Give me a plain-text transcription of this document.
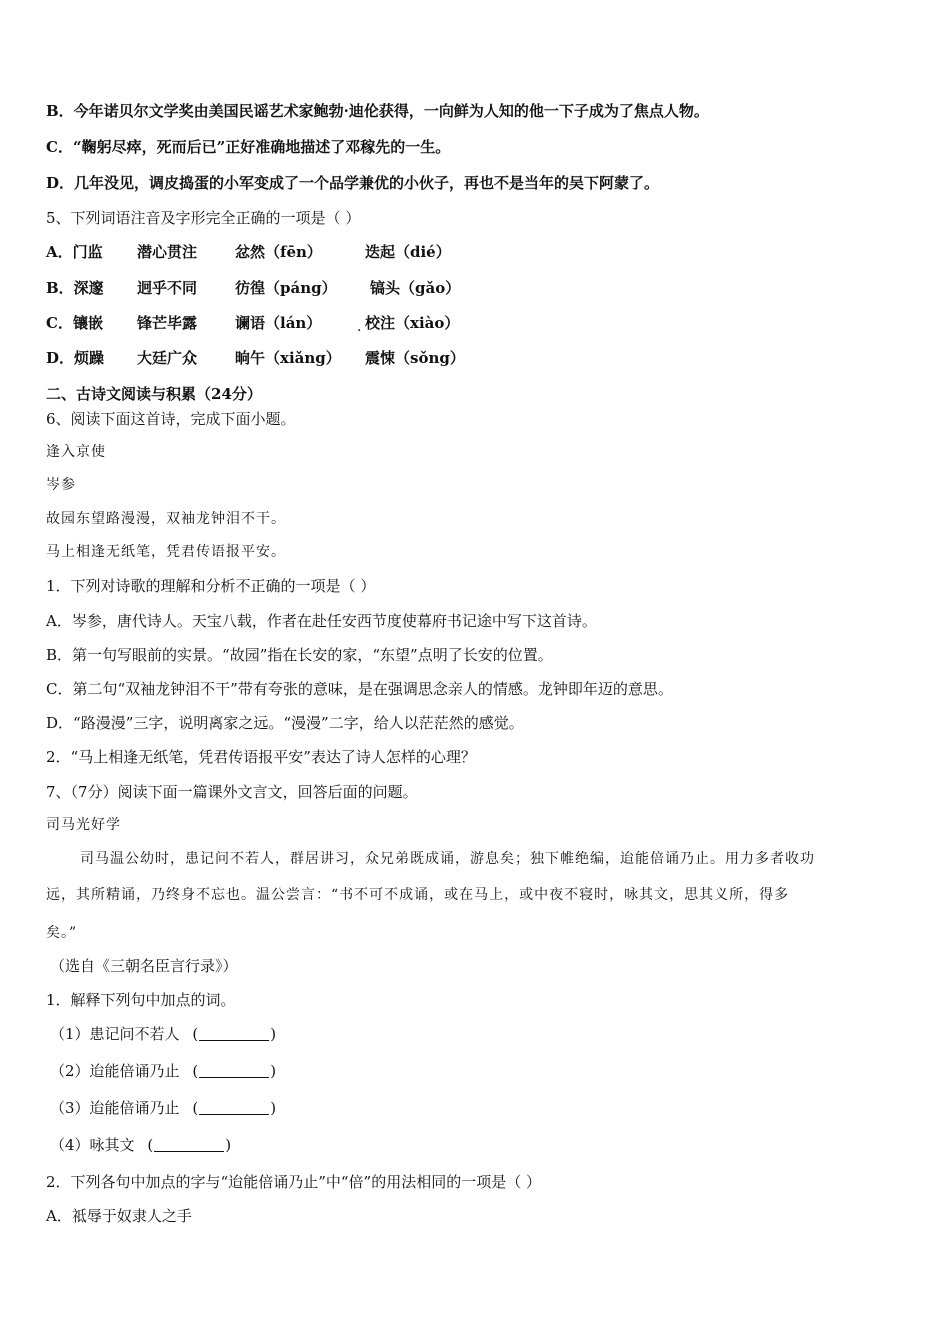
B．今年诺贝尔文学奖由美国民谣艺术家鲍勃·迪伦获得，一向鲜为人知的他一下子成为了焦点人物。
C．“鞠躬尽瘁，死而后已”正好准确地描述了邓稼先的一生。
D．几年没见，调皮捣蛋的小军变成了一个品学兼优的小伙子，再也不是当年的吴下阿蒙了。
5、下列词语注音及字形完全正确的一项是（ ）
A．门监 潜心贯注	忿然（fēn）	迭起（dié）
B．深邃 迥乎不同	彷徨（páng） 镐头（gǎo）
C．镶嵌 锋芒毕露	谰语（lán）	· 校注（xiào）
D．烦躁 大廷广众	晌午（xiǎng） 震悚（sǒng）
二、古诗文阅读与积累（24分）
6、阅读下面这首诗，完成下面小题。
逢入京使
岑参
故园东望路漫漫，双袖龙钟泪不干。
马上相逢无纸笔，凭君传语报平安。
1．下列对诗歌的理解和分析不正确的一项是（ ）
A．岑参，唐代诗人。天宝八载，作者在赴任安西节度使幕府书记途中写下这首诗。
B．第一句写眼前的实景。“故园”指在长安的家，“东望”点明了长安的位置。
C．第二句“双袖龙钟泪不干”带有夸张的意味，是在强调思念亲人的情感。龙钟即年迈的意思。
D．“路漫漫”三字，说明离家之远。“漫漫”二字，给人以茫茫然的感觉。
2．“马上相逢无纸笔，凭君传语报平安”表达了诗人怎样的心理？
7、（7分）阅读下面一篇课外文言文，回答后面的问题。
司马光好学
司马温公幼时，患记问不若人，群居讲习，众兄弟既成诵，游息矣；独下帷绝编，迨能倍诵乃止。用力多者收功
远，其所精诵，乃终身不忘也。温公尝言：“书不可不成诵，或在马上，或中夜不寝时，咏其文，思其义所，得多
矣。”
（选自《三朝名臣言行录》）
1．解释下列句中加点的词。
（1）患记问不若人 (	)
（2）迨能倍诵乃止 (	)
（3）迨能倍诵乃止 (	)
（4）咏其文 (	)
2．下列各句中加点的字与“迨能倍诵乃止”中“倍”的用法相同的一项是（ ）
A．祗辱于奴隶人之手
